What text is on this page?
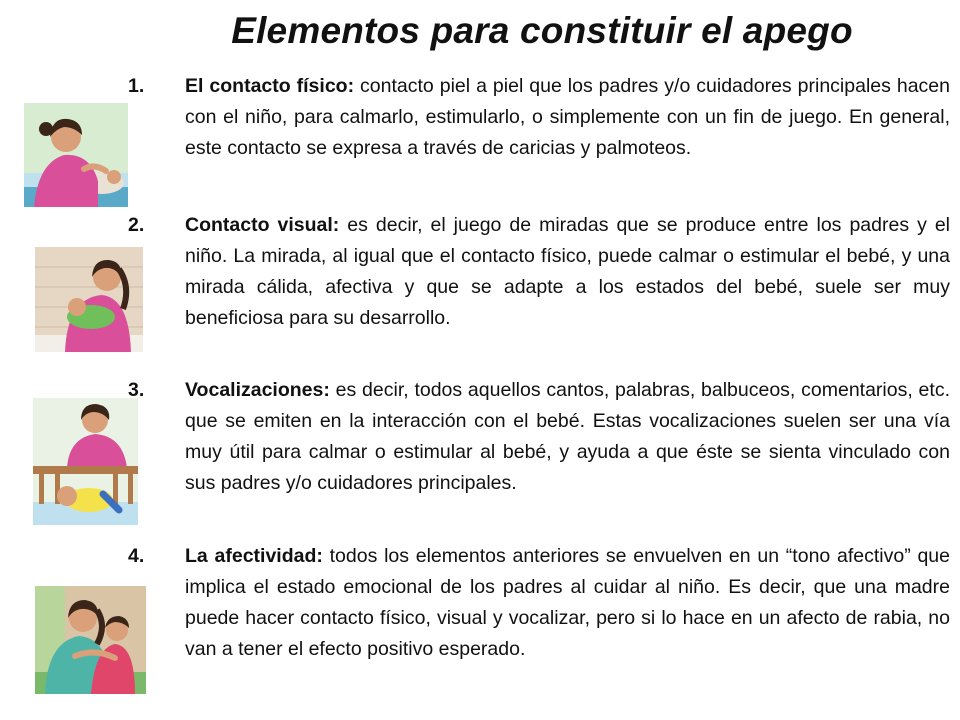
Elementos para constituir el apego
1.	El contacto físico: contacto piel a piel que los padres y/o cuidadores principales hacen con el niño, para calmarlo, estimularlo, o simplemente con un fin de juego. En general, este contacto se expresa a través de caricias y palmoteos.
2.	Contacto visual: es decir, el juego de miradas que se produce entre los padres y el niño. La mirada, al igual que el contacto físico, puede calmar o estimular el bebé, y una mirada cálida, afectiva y que se adapte a los estados del bebé, suele ser muy beneficiosa para su desarrollo.
3.	Vocalizaciones: es decir, todos aquellos cantos, palabras, balbuceos, comentarios, etc. que se emiten en la interacción con el bebé. Estas vocalizaciones suelen ser una vía muy útil para calmar o estimular al bebé, y ayuda a que éste se sienta vinculado con sus padres y/o cuidadores principales.
4.	La afectividad: todos los elementos anteriores se envuelven en un “tono afectivo” que implica el estado emocional de los padres al cuidar al niño. Es decir, que una madre puede hacer contacto físico, visual y vocalizar, pero si lo hace en un afecto de rabia, no van a tener el efecto positivo esperado.
